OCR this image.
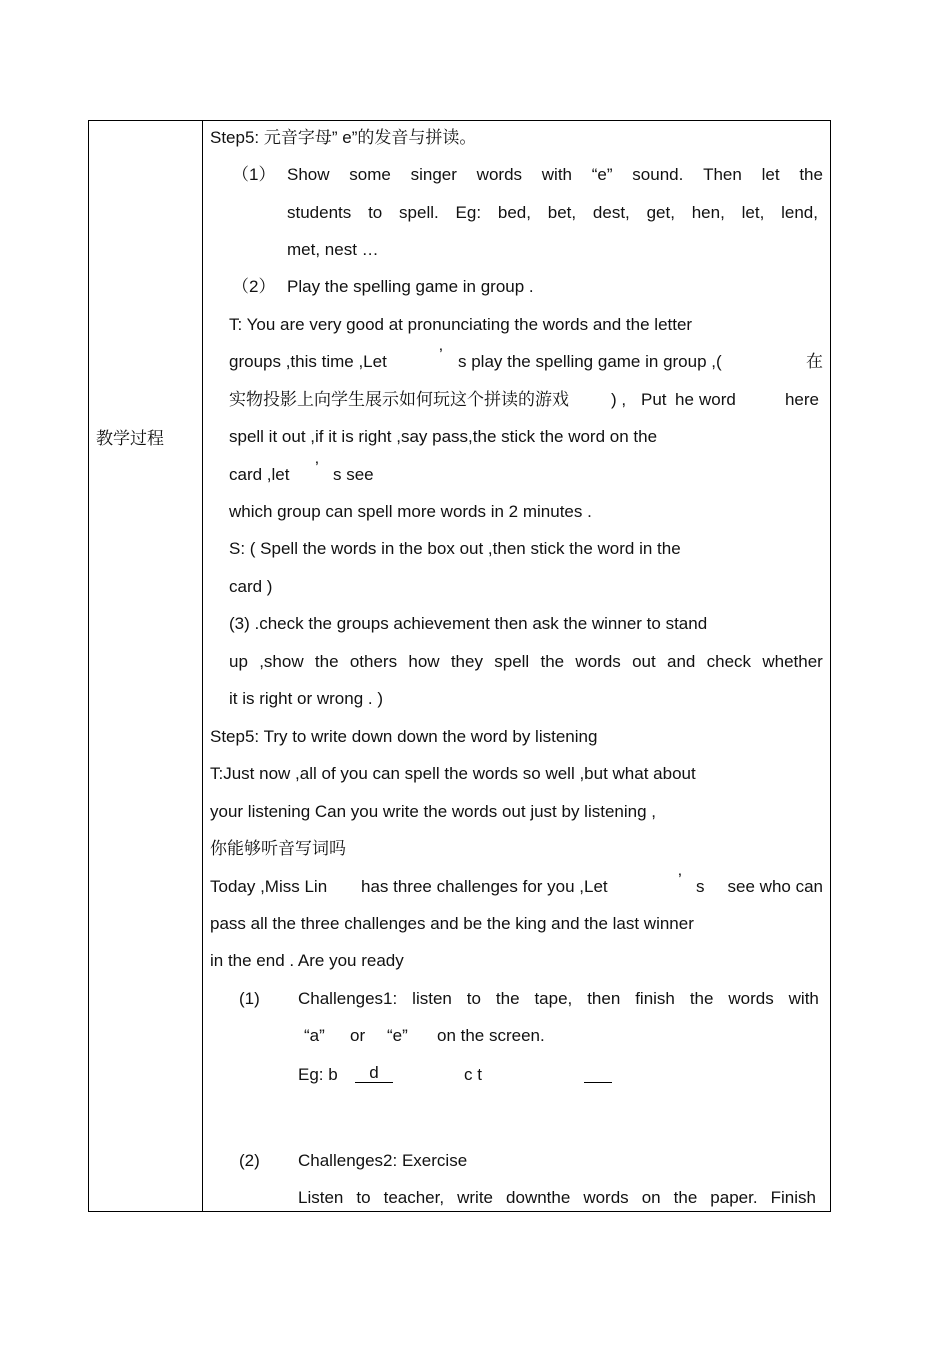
教学过程
Step5: 元音字母” e”的发音与拼读。
（1） Show some singer words with “e” sound. Then let the
students to spell. Eg: bed, bet, dest, get, hen, let, lend,
met, nest …
（2） Play the spelling game in group .
T: You are very good at pronunciating the words and the letter
groups ,this time ,Let	’ s play the spelling game in group ,(	在
实物投影上向学生展示如何玩这个拼读的游戏 ) , Put he word	here
spell it out ,if it is right ,say pass,the stick the word on the
card ,let ’ s see
which group can spell more words in 2 minutes .
S: ( Spell the words in the box out ,then stick the word in the
card )
(3) .check the groups achievement then ask the winner to stand
up ,show the others how they spell the words out and check whether
it is right or wrong . )
Step5: Try to write down down the word by listening
T:Just now ,all of you can spell the words so well ,but what about
your listening Can you write the words out just by listening ,
你能够听音写词吗
Today ,Miss Lin has three challenges for you ,Let	’ s see who can
pass all the three challenges and be the king and the last winner
in the end . Are you ready
(1) Challenges1: listen to the tape, then finish the words with
“a” or “e” on the screen.
Eg: b	d	c t
(2) Challenges2: Exercise
Listen to teacher, write downthe words on the paper. Finish
